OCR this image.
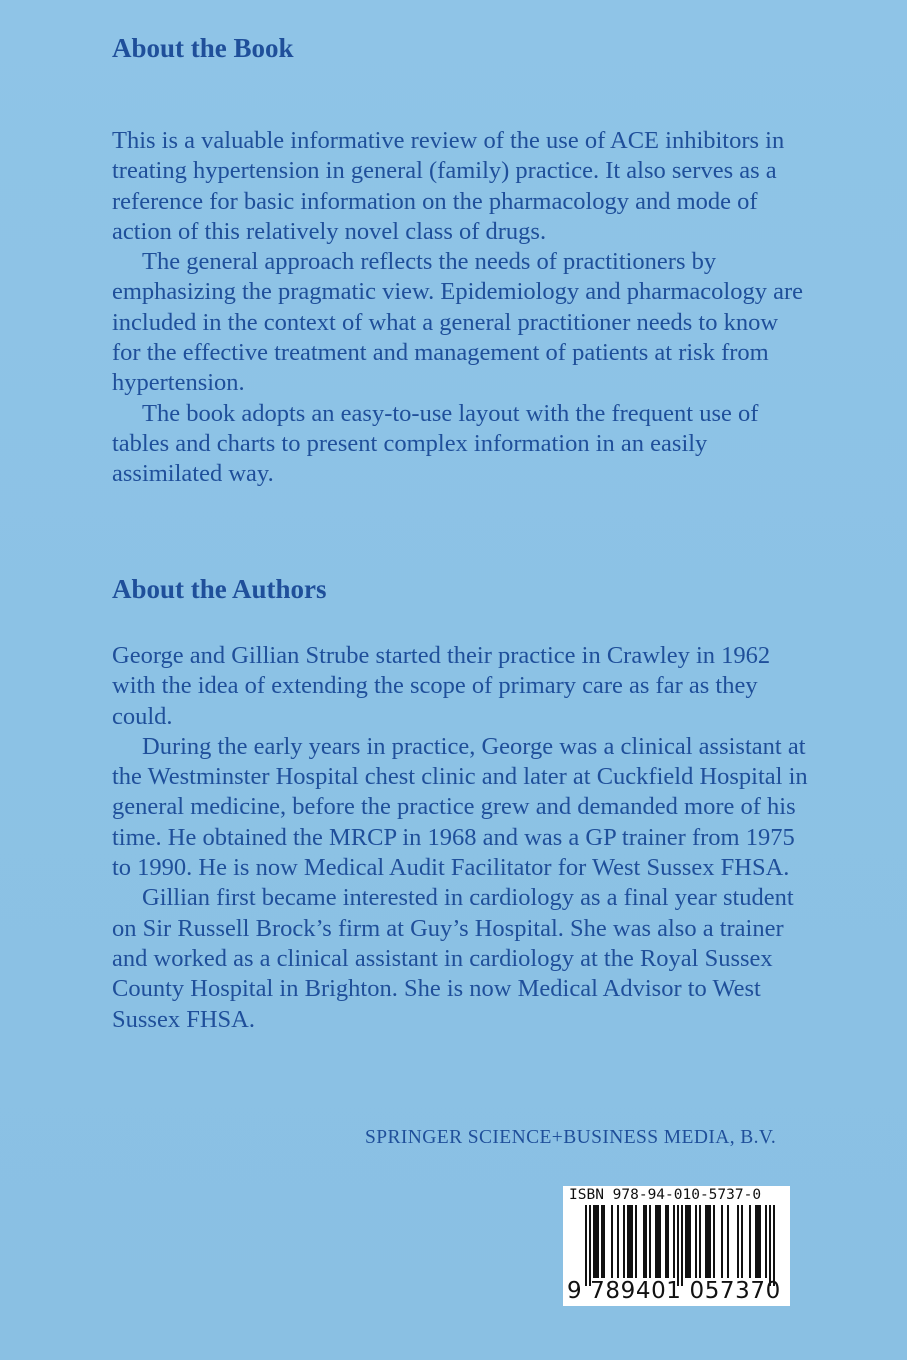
About the Book

This is a valuable informative review of the use of ACE inhibitors in treating hypertension in general (family) practice. It also serves as a reference for basic information on the pharmacology and mode of action of this relatively novel class of drugs.

The general approach reflects the needs of practitioners by emphasizing the pragmatic view. Epidemiology and pharmacology are included in the context of what a general practitioner needs to know for the effective treatment and management of patients at risk from hypertension.

The book adopts an easy-to-use layout with the frequent use of tables and charts to present complex information in an easily assimilated way.

About the Authors

George and Gillian Strube started their practice in Crawley in 1962 with the idea of extending the scope of primary care as far as they could.

During the early years in practice, George was a clinical assistant at the Westminster Hospital chest clinic and later at Cuckfield Hospital in general medicine, before the practice grew and demanded more of his time. He obtained the MRCP in 1968 and was a GP trainer from 1975 to 1990. He is now Medical Audit Facilitator for West Sussex FHSA.

Gillian first became interested in cardiology as a final year student on Sir Russell Brock’s firm at Guy’s Hospital. She was also a trainer and worked as a clinical assistant in cardiology at the Royal Sussex County Hospital in Brighton. She is now Medical Advisor to West Sussex FHSA.

SPRINGER SCIENCE+BUSINESS MEDIA, B.V.
ISBN 978-94-010-5737-0
9 789401 057370
